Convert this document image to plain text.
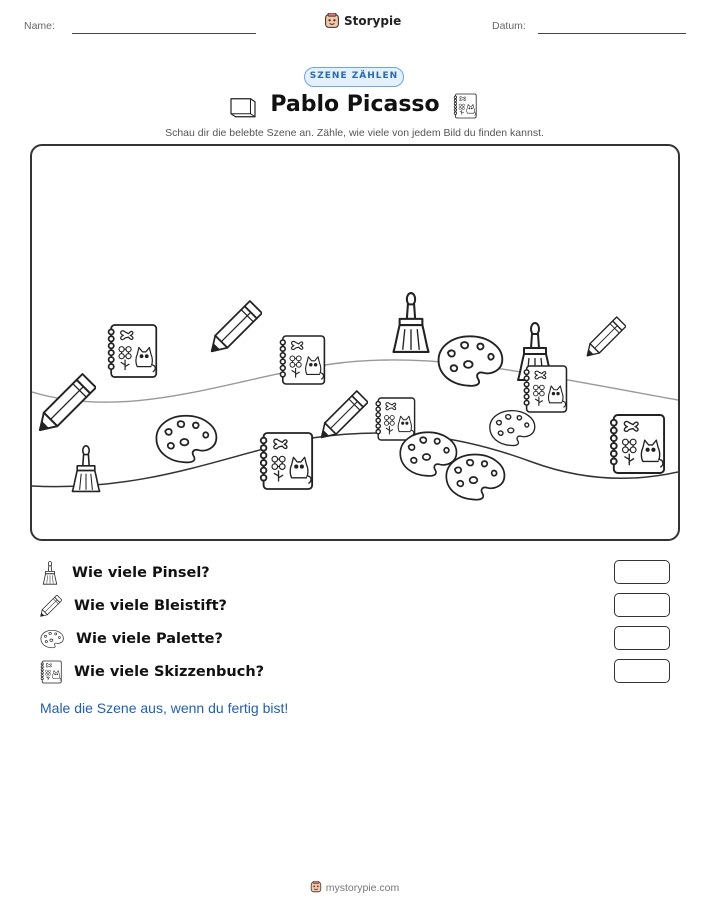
Name:	Storypie	Datum:
SZENE ZÄHLEN
Pablo Picasso
Schau dir die belebte Szene an. Zähle, wie viele von jedem Bild du finden kannst.
Wie viele Pinsel?
Wie viele Bleistift?
Wie viele Palette?
Wie viele Skizzenbuch?
Male die Szene aus, wenn du fertig bist!
mystorypie.com
